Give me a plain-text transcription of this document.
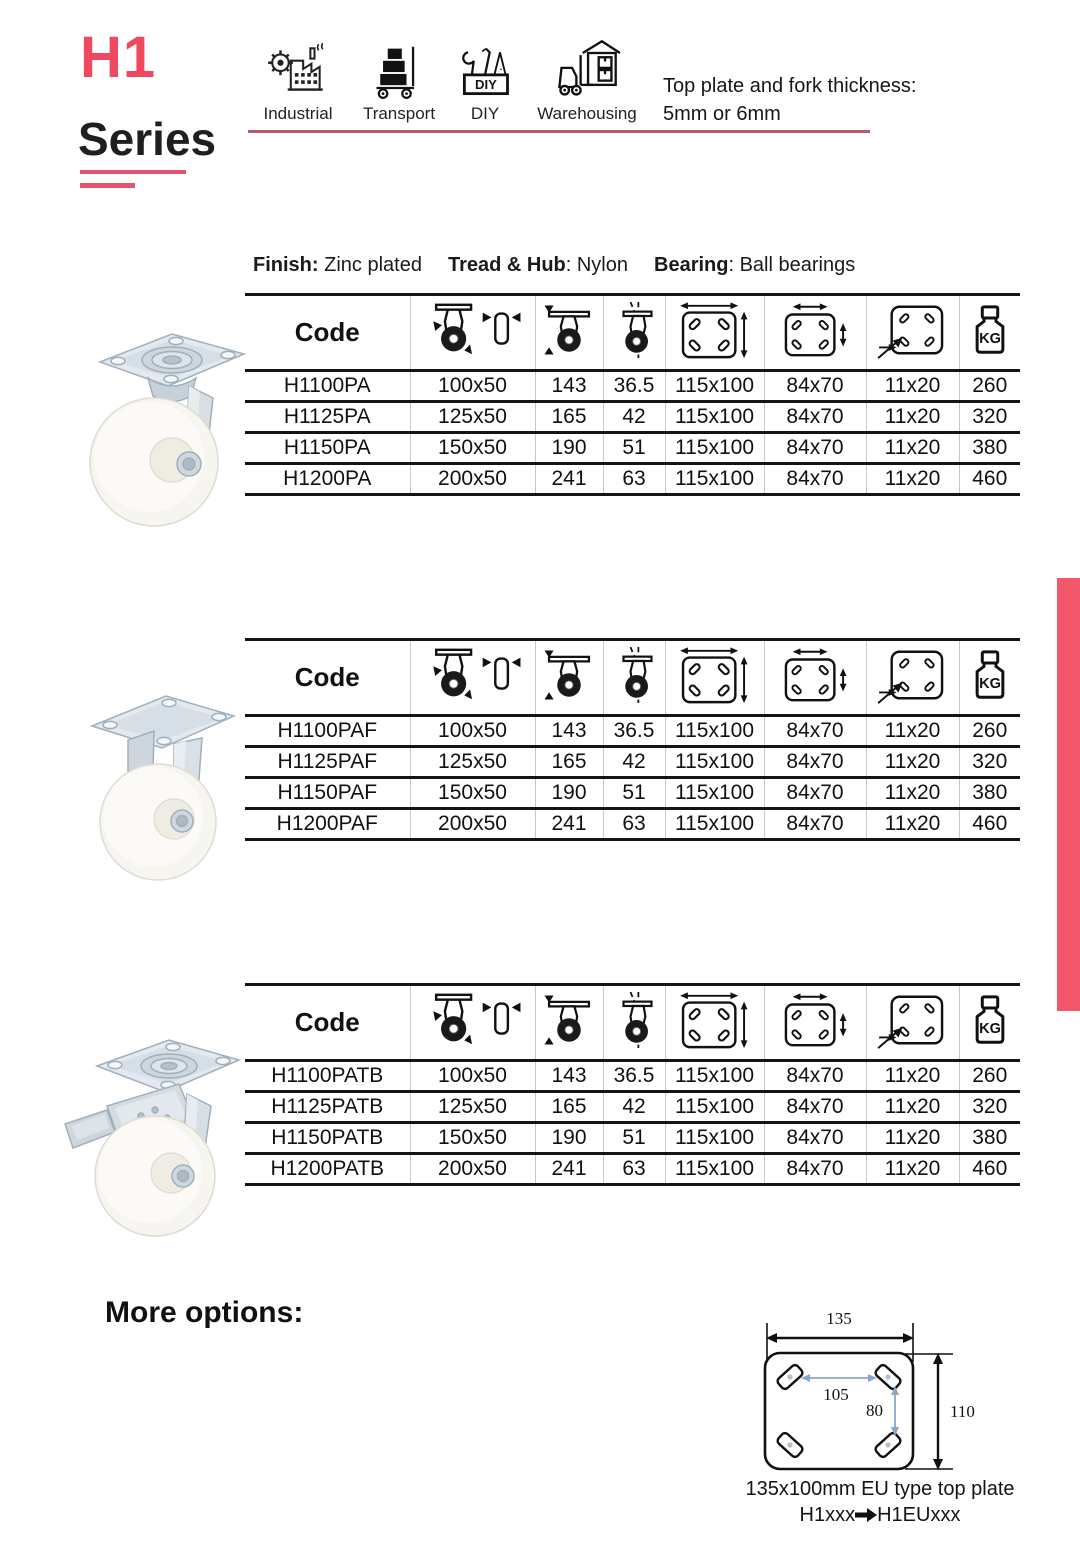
H1
Series	Industrial	Transport
DIY
DIY	Warehousing
Top plate and fork thickness:
5mm or 6mm
Finish: Zinc plated Tread & Hub: Nylon Bearing: Ball bearings
Code							KG

H1100PA	100x50	143	36.5	115x100	84x70	11x20	260
H1125PA	125x50	165	42	115x100	84x70	11x20	320
H1150PA	150x50	190	51	115x100	84x70	11x20	380
H1200PA	200x50	241	63	115x100	84x70	11x20	460
Code							KG

H1100PAF	100x50	143	36.5	115x100	84x70	11x20	260
H1125PAF	125x50	165	42	115x100	84x70	11x20	320
H1150PAF	150x50	190	51	115x100	84x70	11x20	380
H1200PAF	200x50	241	63	115x100	84x70	11x20	460
Code							KG

H1100PATB	100x50	143	36.5	115x100	84x70	11x20	260
H1125PATB	125x50	165	42	115x100	84x70	11x20	320
H1150PATB	150x50	190	51	115x100	84x70	11x20	380
H1200PATB	200x50	241	63	115x100	84x70	11x20	460
More options:	135
105
80	110
135x100mm EU type top plate
H1xxx H1EUxxx
